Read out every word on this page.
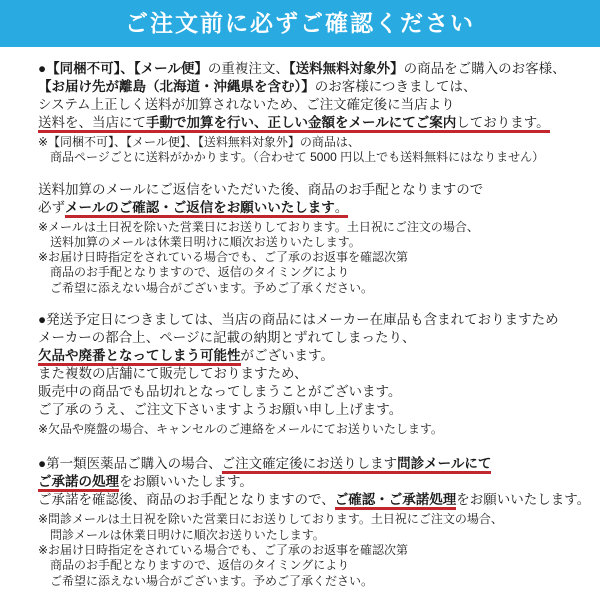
ご注文前に必ずご確認ください
●【同梱不可】、【メール便】の重複注文、【送料無料対象外】の商品をご購入のお客様、
【お届け先が離島（北海道・沖縄県を含む）】のお客様につきましては、
システム上正しく送料が加算されないため、ご注文確定後に当店より
送料を、当店にて手動で加算を行い、正しい金額をメールにてご案内しております。
※【同梱不可】、【メール便】、【送料無料対象外】の商品は、
　商品ページごとに送料がかかります。（合わせて 5000 円以上でも送料無料にはなりません）
送料加算のメールにご返信をいただいた後、商品のお手配となりますので
必ずメールのご確認・ご返信をお願いいたします。
※メールは土日祝を除いた営業日にお送りしております。土日祝にご注文の場合、
　送料加算のメールは休業日明けに順次お送りいたします。
※お届け日時指定をされている場合でも、ご了承のお返事を確認次第
　商品のお手配となりますので、返信のタイミングにより
　ご希望に添えない場合がございます。予めご了承ください。
●発送予定日につきましては、当店の商品にはメーカー在庫品も含まれておりますため
メーカーの都合上、ページに記載の納期とずれてしまったり、
欠品や廃番となってしまう可能性がございます。
また複数の店舗にて販売しておりますため、
販売中の商品でも品切れとなってしまうことがございます。
ご了承のうえ、ご注文下さいますようお願い申し上げます。
※欠品や廃盤の場合、キャンセルのご連絡をメールにてお送りいたします。
●第一類医薬品ご購入の場合、ご注文確定後にお送りします問診メールにて
ご承諾の処理をお願いいたします。
ご承諾を確認後、商品のお手配となりますので、ご確認・ご承諾処理をお願いいたします。
※問診メールは土日祝を除いた営業日にお送りしております。土日祝にご注文の場合、
　問診メールは休業日明けに順次お送りいたします。
※お届け日時指定をされている場合でも、ご了承のお返事を確認次第
　商品のお手配となりますので、返信のタイミングにより
　ご希望に添えない場合がございます。予めご了承ください。
